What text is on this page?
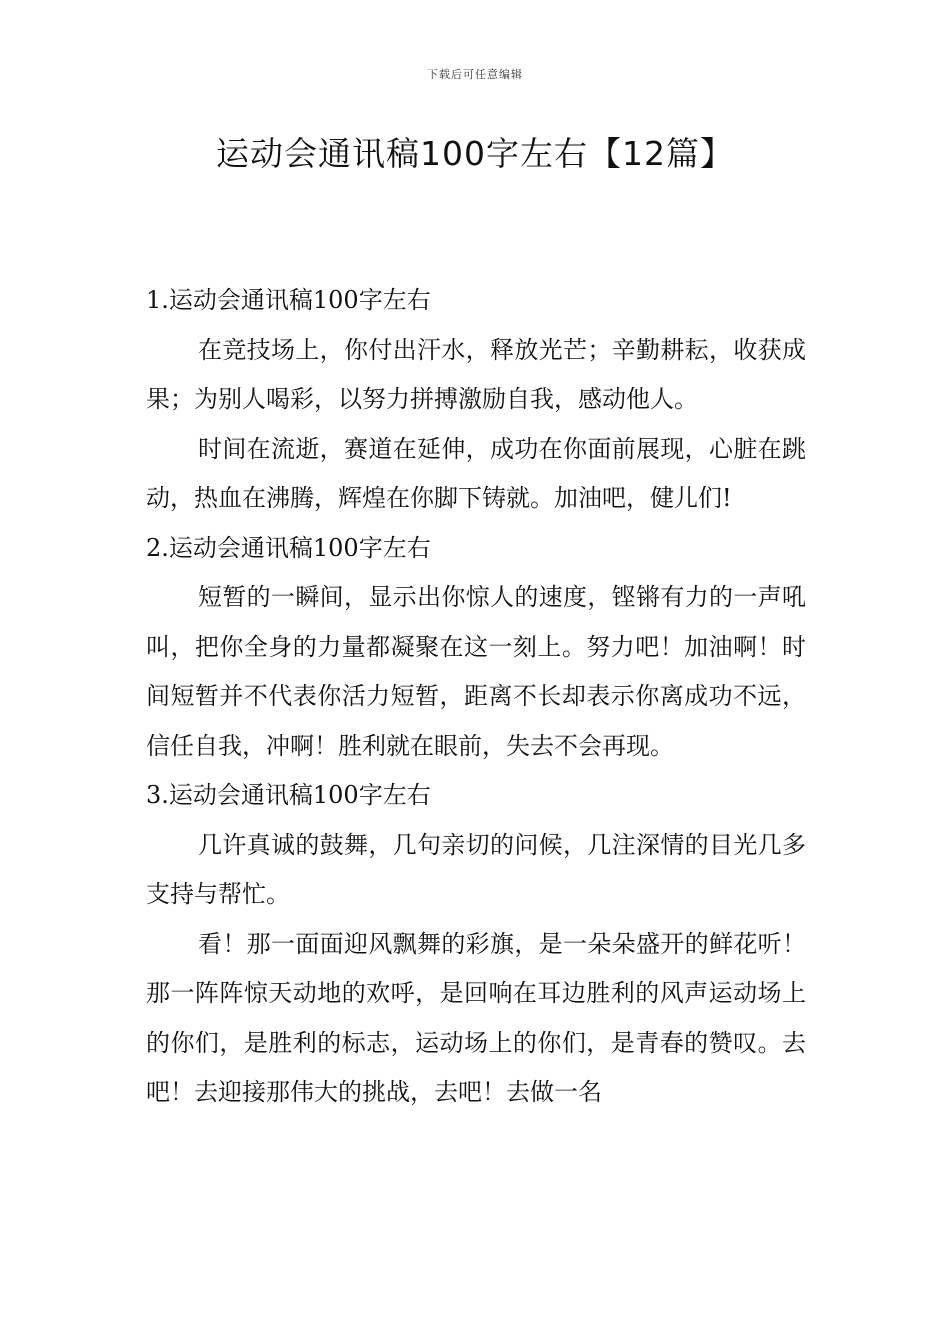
下载后可任意编辑
运动会通讯稿100字左右【12篇】

1.运动会通讯稿100字左右

在竞技场上，你付出汗水，释放光芒；辛勤耕耘，收获成果；为别人喝彩，以努力拼搏激励自我，感动他人。

时间在流逝，赛道在延伸，成功在你面前展现，心脏在跳动，热血在沸腾，辉煌在你脚下铸就。加油吧，健儿们!

2.运动会通讯稿100字左右

短暂的一瞬间，显示出你惊人的速度，铿锵有力的一声吼叫，把你全身的力量都凝聚在这一刻上。努力吧！加油啊！时间短暂并不代表你活力短暂，距离不长却表示你离成功不远，信任自我，冲啊！胜利就在眼前，失去不会再现。

3.运动会通讯稿100字左右

几许真诚的鼓舞，几句亲切的问候，几注深情的目光几多支持与帮忙。

看！那一面面迎风飘舞的彩旗，是一朵朵盛开的鲜花听！那一阵阵惊天动地的欢呼，是回响在耳边胜利的风声运动场上的你们，是胜利的标志，运动场上的你们，是青春的赞叹。去吧！去迎接那伟大的挑战，去吧！去做一名
